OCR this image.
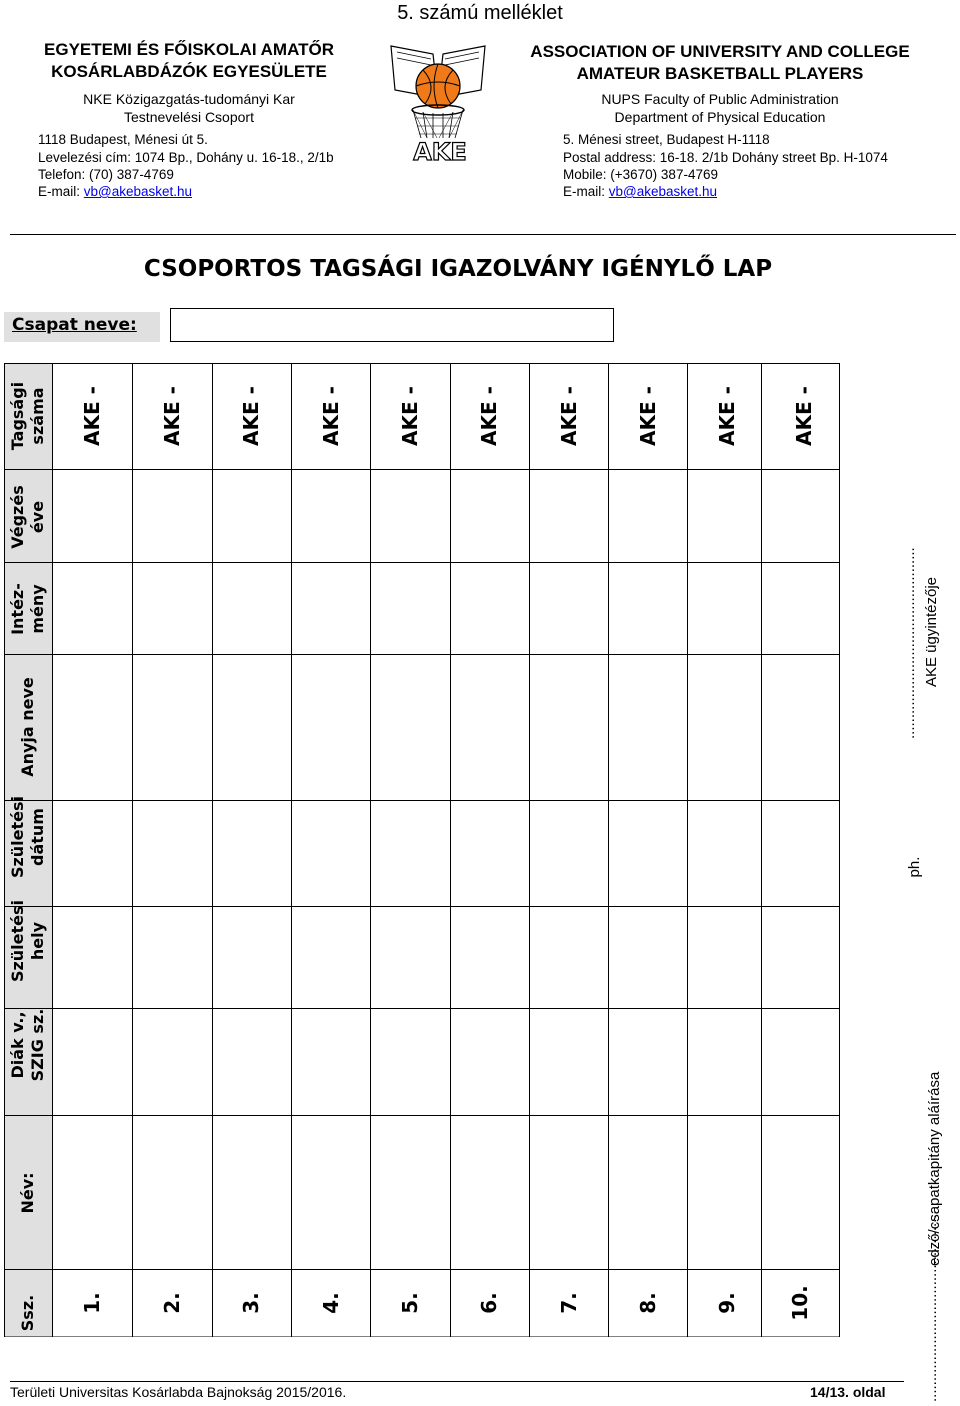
5. számú melléklet
EGYETEMI ÉS FŐISKOLAI AMATŐR
KOSÁRLABDÁZÓK EGYESÜLETE
NKE Közigazgatás-tudományi Kar
Testnevelési Csoport
1118 Budapest, Ménesi út 5.
Levelezési cím: 1074 Bp., Dohány u. 16-18., 2/1b
Telefon: (70) 387-4769
E-mail: vb@akebasket.hu
AKE
ASSOCIATION OF UNIVERSITY AND COLLEGE
AMATEUR BASKETBALL PLAYERS
NUPS Faculty of Public Administration
Department of Physical Education
5. Ménesi street, Budapest H-1118
Postal address: 16-18. 2/1b Dohány street Bp. H-1074
Mobile: (+3670) 387-4769
E-mail: vb@akebasket.hu
CSOPORTOS TAGSÁGI IGAZOLVÁNY IGÉNYLŐ LAP
Csapat neve:
Ssz.
Név:
Diák v., SZIG sz.
Születési hely
Születési dátum
Anyja neve
Intéz- mény
Végzés éve
Tagsági száma AKE -
1.
AKE -
2.
AKE -
3.
AKE -
4.
AKE -
5.
AKE -
6.
AKE -
7.
AKE -
8.
AKE -
9.
AKE -
10.	..............................................
edző/csapatkapitány aláírása
ph.
.............................................. AKE ügyintézője
Területi Universitas Kosárlabda Bajnokság 2015/2016.	14/13. oldal
